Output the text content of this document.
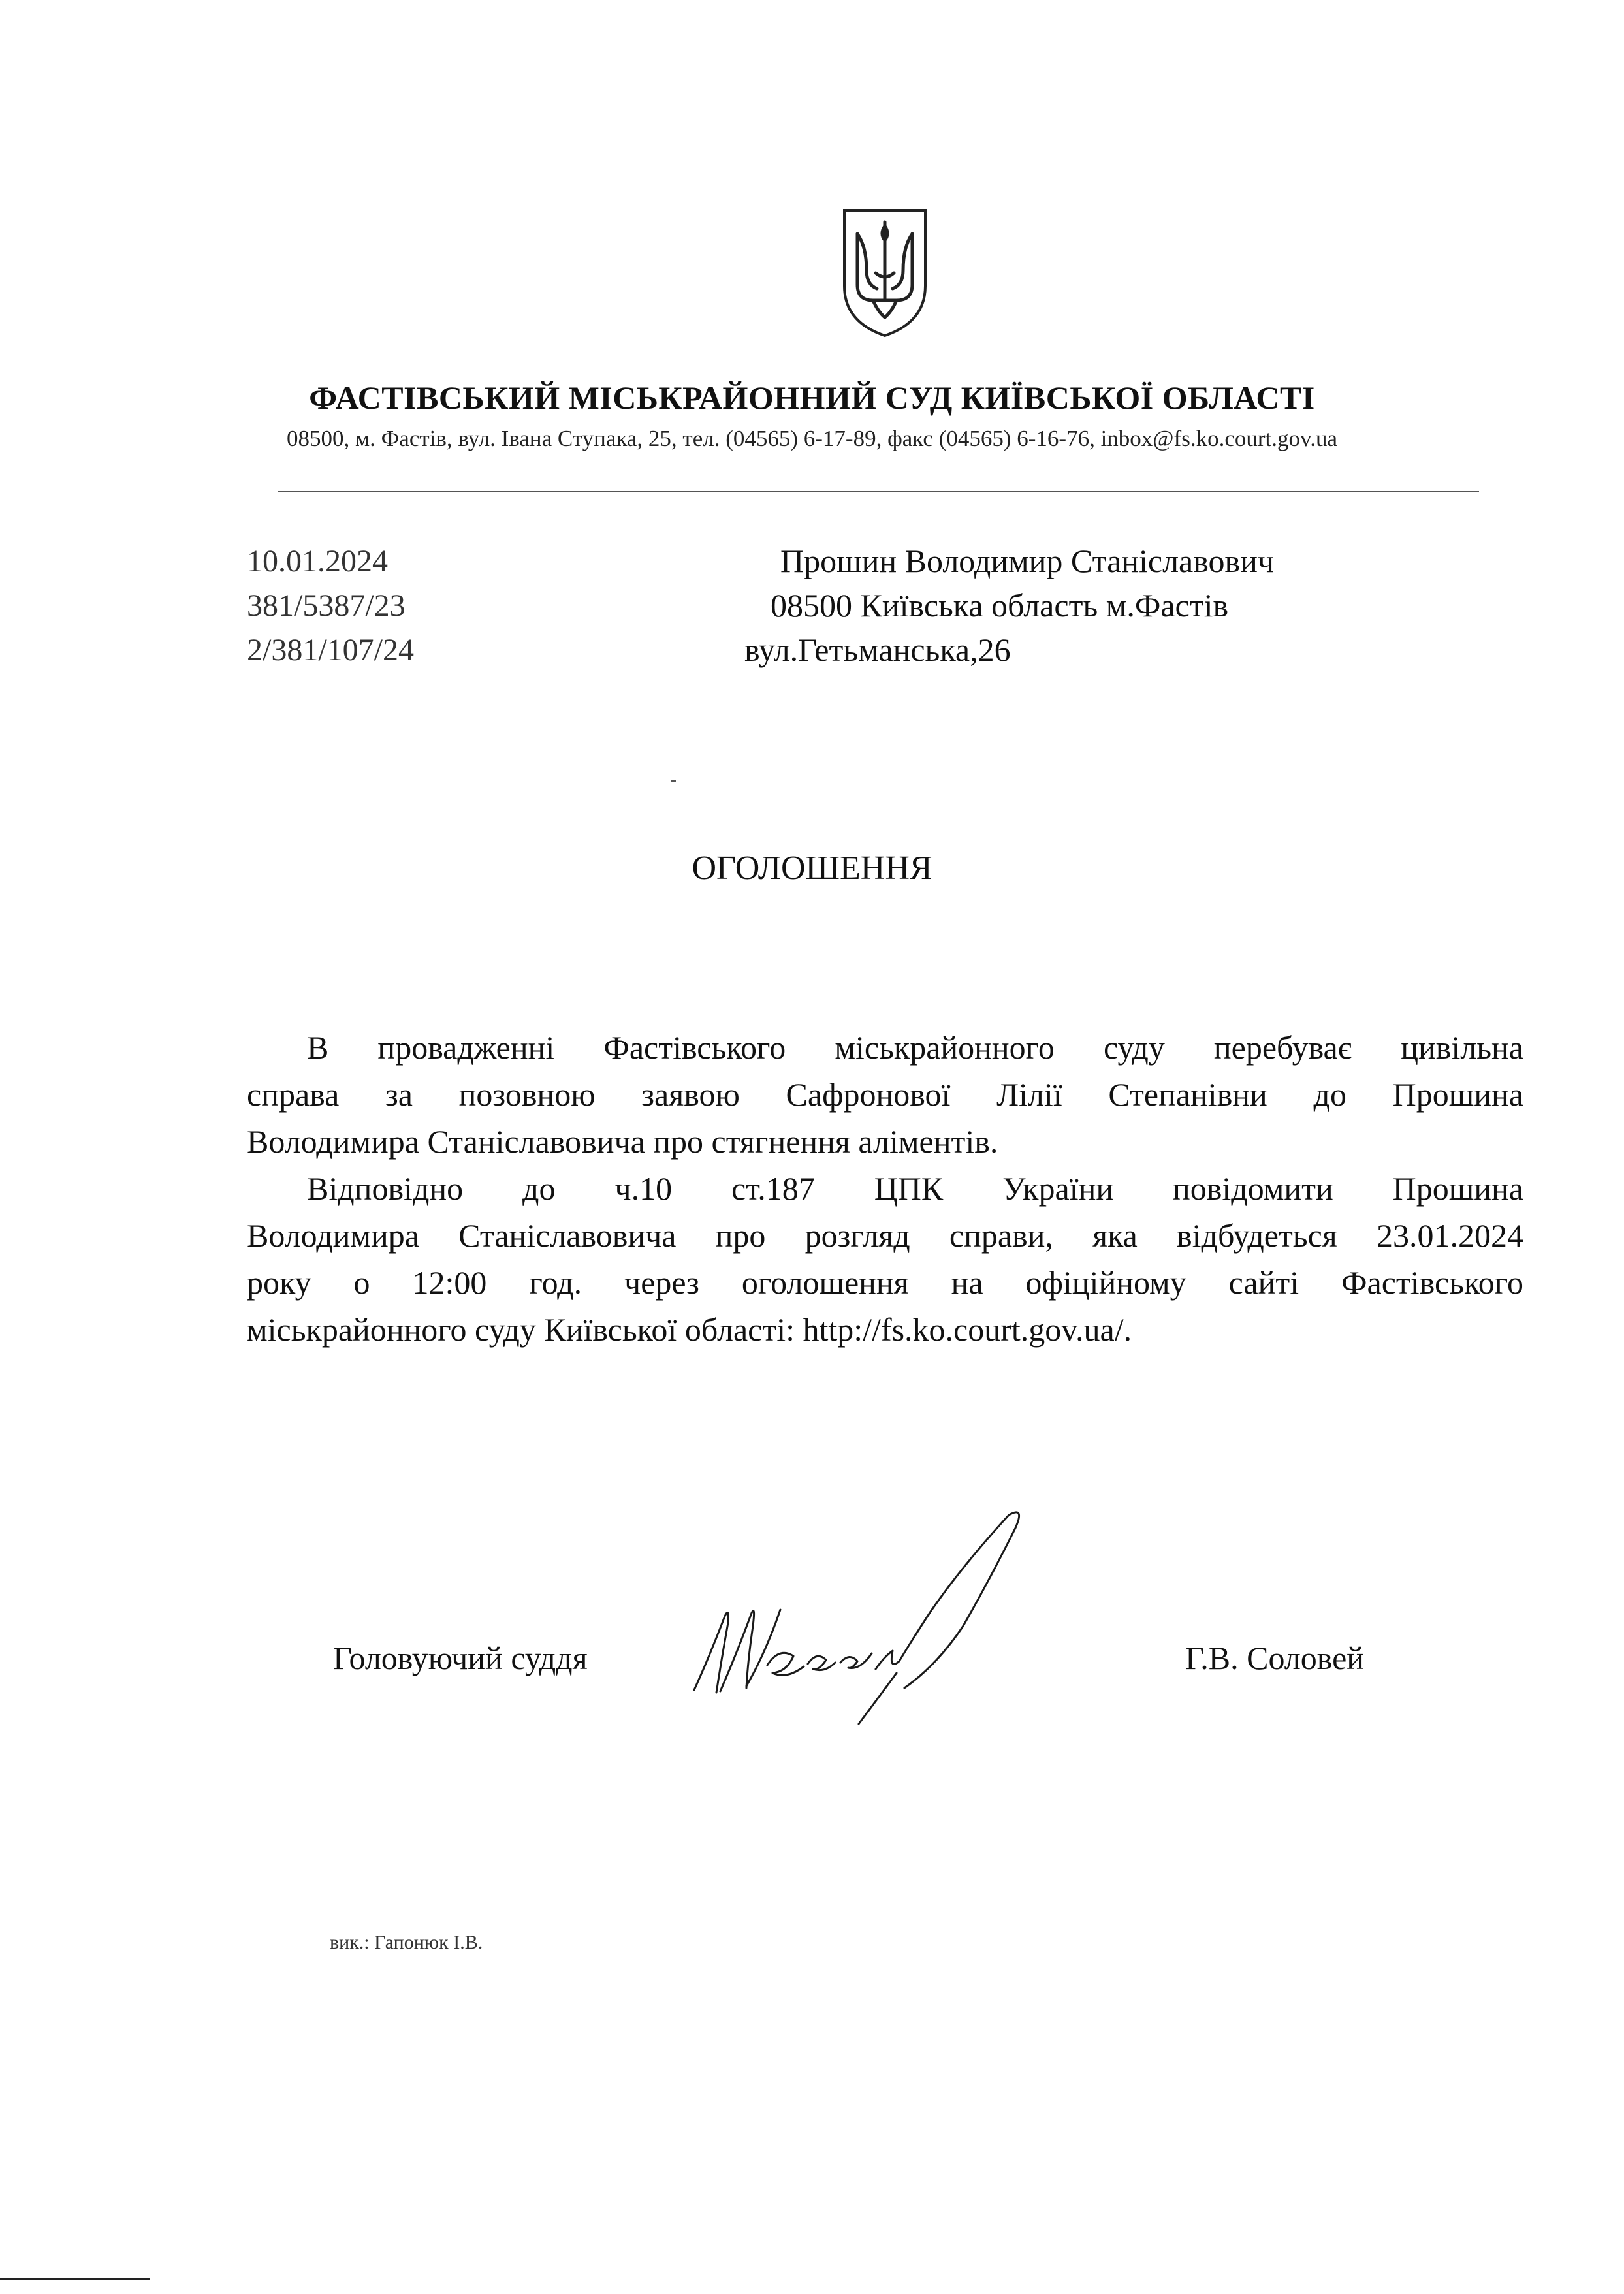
ФАСТІВСЬКИЙ МІСЬКРАЙОННИЙ СУД КИЇВСЬКОЇ ОБЛАСТІ
08500, м. Фастів, вул. Івана Ступака, 25, тел. (04565) 6-17-89, факс (04565) 6-16-76, inbox@fs.ko.court.gov.ua
10.01.2024
381/5387/23
2/381/107/24
Прошин Володимир Станіславович
08500 Київська область м.Фастів
вул.Гетьманська,26
ОГОЛОШЕННЯ
В провадженні Фастівського міськрайонного суду перебуває цивільна
справа за позовною заявою Сафронової Лілії Степанівни до Прошина
Володимира Станіславовича про стягнення аліментів.
Відповідно до ч.10 ст.187 ЦПК України повідомити Прошина
Володимира Станіславовича про розгляд справи, яка відбудеться 23.01.2024
року о 12:00 год. через оголошення на офіційному сайті Фастівського
міськрайонного суду Київської області: http://fs.ko.court.gov.ua/.
Головуючий суддя	Г.В. Соловей
вик.: Гапонюк І.В.
